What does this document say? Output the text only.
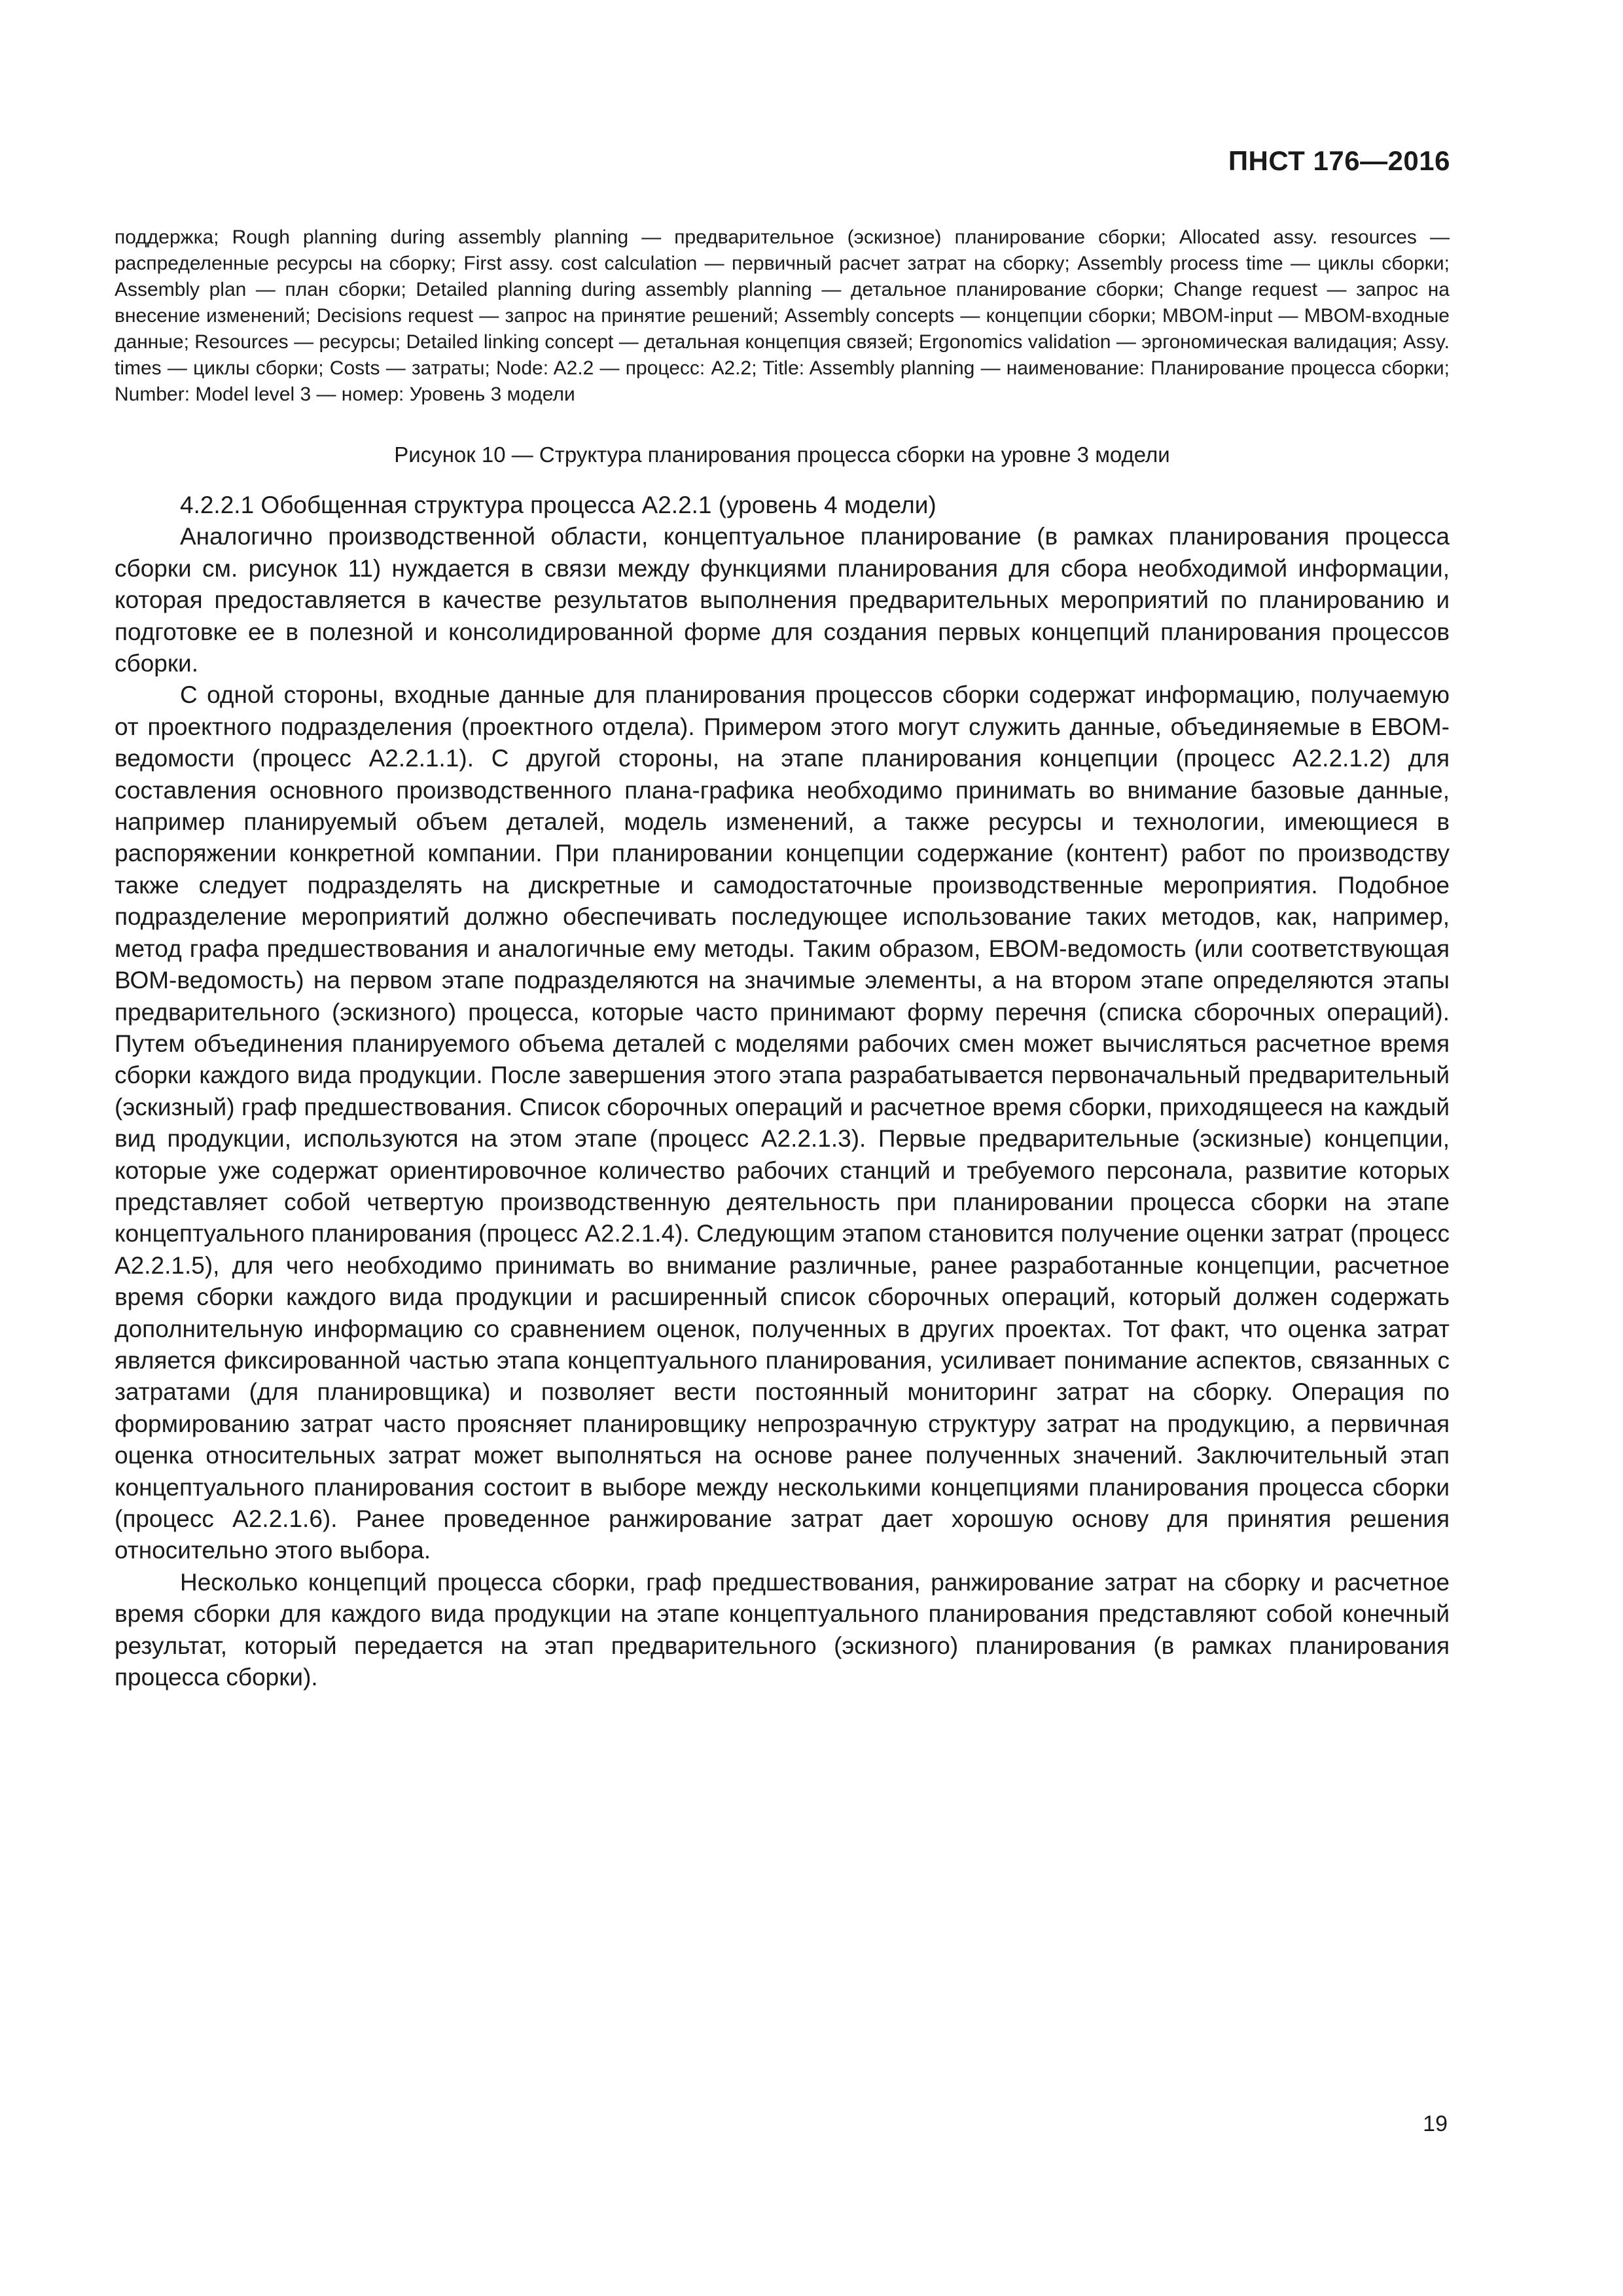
ПНСТ 176—2016
поддержка; Rough planning during assembly planning — предварительное (эскизное) планирование сборки; Allocated assy. resources — распределенные ресурсы на сборку; First assy. cost calculation — первичный расчет затрат на сборку; Assembly process time — циклы сборки; Assembly plan — план сборки; Detailed planning during assembly planning — детальное планирование сборки; Change request — запрос на внесение изменений; Decisions request — запрос на принятие решений; Assembly concepts — концепции сборки; MBOM-input — MBOM-входные данные; Resources — ресурсы; Detailed linking concept — детальная концепция связей; Ergonomics validation — эргономическая валидация; Assy. times — циклы сборки; Costs — затраты; Node: A2.2 — процесс: A2.2; Title: Assembly planning — наименование: Планирование процесса сборки; Number: Model level 3 — номер: Уровень 3 модели
Рисунок 10 — Структура планирования процесса сборки на уровне 3 модели

4.2.2.1 Обобщенная структура процесса А2.2.1 (уровень 4 модели)

Аналогично производственной области, концептуальное планирование (в рамках планирования процесса сборки см. рисунок 11) нуждается в связи между функциями планирования для сбора необходимой информации, которая предоставляется в качестве результатов выполнения предварительных мероприятий по планированию и подготовке ее в полезной и консолидированной форме для создания первых концепций планирования процессов сборки.

С одной стороны, входные данные для планирования процессов сборки содержат информацию, получаемую от проектного подразделения (проектного отдела). Примером этого могут служить данные, объединяемые в ЕВОМ-ведомости (процесс А2.2.1.1). С другой стороны, на этапе планирования концепции (процесс А2.2.1.2) для составления основного производственного плана-графика необходимо принимать во внимание базовые данные, например планируемый объем деталей, модель изменений, а также ресурсы и технологии, имеющиеся в распоряжении конкретной компании. При планировании концепции содержание (контент) работ по производству также следует подразделять на дискретные и самодостаточные производственные мероприятия. Подобное подразделение мероприятий должно обеспечивать последующее использование таких методов, как, например, метод графа предшествования и аналогичные ему методы. Таким образом, ЕВОМ-ведомость (или соответствующая ВОМ-ведомость) на первом этапе подразделяются на значимые элементы, а на втором этапе определяются этапы предварительного (эскизного) процесса, которые часто принимают форму перечня (списка сборочных операций). Путем объединения планируемого объема деталей с моделями рабочих смен может вычисляться расчетное время сборки каждого вида продукции. После завершения этого этапа разрабатывается первоначальный предварительный (эскизный) граф предшествования. Список сборочных операций и расчетное время сборки, приходящееся на каждый вид продукции, используются на этом этапе (процесс А2.2.1.3). Первые предварительные (эскизные) концепции, которые уже содержат ориентировочное количество рабочих станций и требуемого персонала, развитие которых представляет собой четвертую производственную деятельность при планировании процесса сборки на этапе концептуального планирования (процесс А2.2.1.4). Следующим этапом становится получение оценки затрат (процесс А2.2.1.5), для чего необходимо принимать во внимание различные, ранее разработанные концепции, расчетное время сборки каждого вида продукции и расширенный список сборочных операций, который должен содержать дополнительную информацию со сравнением оценок, полученных в других проектах. Тот факт, что оценка затрат является фиксированной частью этапа концептуального планирования, усиливает понимание аспектов, связанных с затратами (для планировщика) и позволяет вести постоянный мониторинг затрат на сборку. Операция по формированию затрат часто проясняет планировщику непрозрачную структуру затрат на продукцию, а первичная оценка относительных затрат может выполняться на основе ранее полученных значений. Заключительный этап концептуального планирования состоит в выборе между несколькими концепциями планирования процесса сборки (процесс А2.2.1.6). Ранее проведенное ранжирование затрат дает хорошую основу для принятия решения относительно этого выбора.

Несколько концепций процесса сборки, граф предшествования, ранжирование затрат на сборку и расчетное время сборки для каждого вида продукции на этапе концептуального планирования представляют собой конечный результат, который передается на этап предварительного (эскизного) планирования (в рамках планирования процесса сборки).

19
